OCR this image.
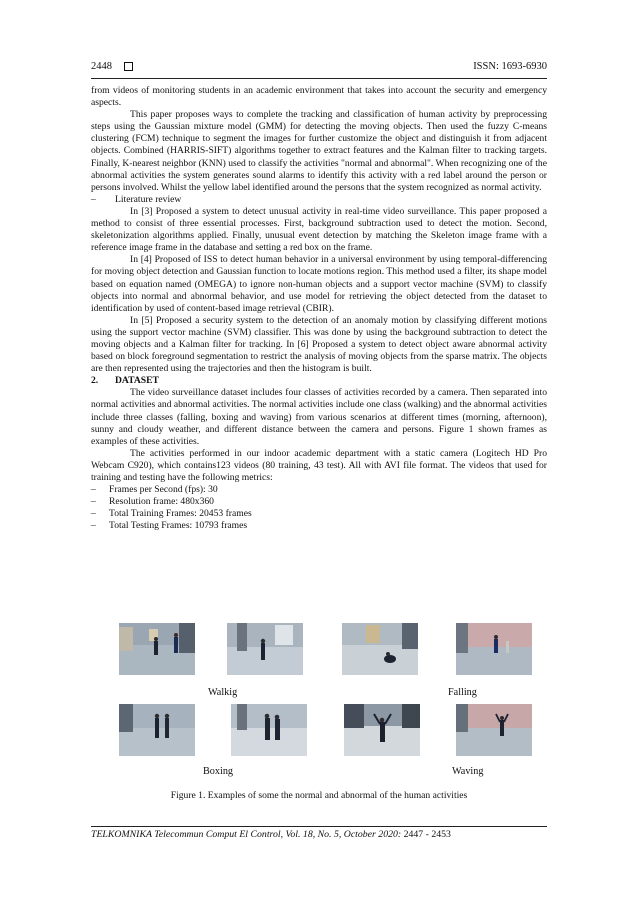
2448	ISSN: 1693-6930

from videos of monitoring students in an academic environment that takes into account the security and emergency aspects.

This paper proposes ways to complete the tracking and classification of human activity by preprocessing steps using the Gaussian mixture model (GMM) for detecting the moving objects. Then used the fuzzy C-means clustering (FCM) technique to segment the images for further customize the object and distinguish it from adjacent objects. Combined (HARRIS-SIFT) algorithms together to extract features and the Kalman filter to tracking targets. Finally, K-nearest neighbor (KNN) used to classify the activities "normal and abnormal". When recognizing one of the abnormal activities the system generates sound alarms to identify this activity with a red label around the person or persons involved. Whilst the yellow label identified around the persons that the system recognized as normal activity.

– Literature review

In [3] Proposed a system to detect unusual activity in real-time video surveillance. This paper proposed a method to consist of three essential processes. First, background subtraction used to detect the motion. Second, skeletonization algorithms applied. Finally, unusual event detection by matching the Skeleton image frame with a reference image frame in the database and setting a red box on the frame.

In [4] Proposed of ISS to detect human behavior in a universal environment by using temporal-differencing for moving object detection and Gaussian function to locate motions region. This method used a filter, its shape model based on equation named (OMEGA) to ignore non-human objects and a support vector machine (SVM) to classify objects into normal and abnormal behavior, and use model for retrieving the object detected from the dataset to identification by used of content-based image retrieval (CBIR).

In [5] Proposed a security system to the detection of an anomaly motion by classifying different motions using the support vector machine (SVM) classifier. This was done by using the background subtraction to detect the moving objects and a Kalman filter for tracking. In [6] Proposed a system to detect object aware abnormal activity based on block foreground segmentation to restrict the analysis of moving objects from the sparse matrix. The objects are then represented using the trajectories and then the histogram is built.

2. DATASET

The video surveillance dataset includes four classes of activities recorded by a camera. Then separated into normal activities and abnormal activities. The normal activities include one class (walking) and the abnormal activities include three classes (falling, boxing and waving) from various scenarios at different times (morning, afternoon), sunny and cloudy weather, and different distance between the camera and persons. Figure 1 shown frames as examples of these activities.

The activities performed in our indoor academic department with a static camera (Logitech HD Pro Webcam C920), which contains123 videos (80 training, 43 test). All with AVI file format. The videos that used for training and testing have the following metrics:

– Frames per Second (fps): 30

– Resolution frame: 480x360

– Total Training Frames: 20453 frames

– Total Testing Frames: 10793 frames

Walkig	Falling
Boxing	Waving
Figure 1. Examples of some the normal and abnormal of the human activities
TELKOMNIKA Telecommun Comput El Control, Vol. 18, No. 5, October 2020: 2447 - 2453
